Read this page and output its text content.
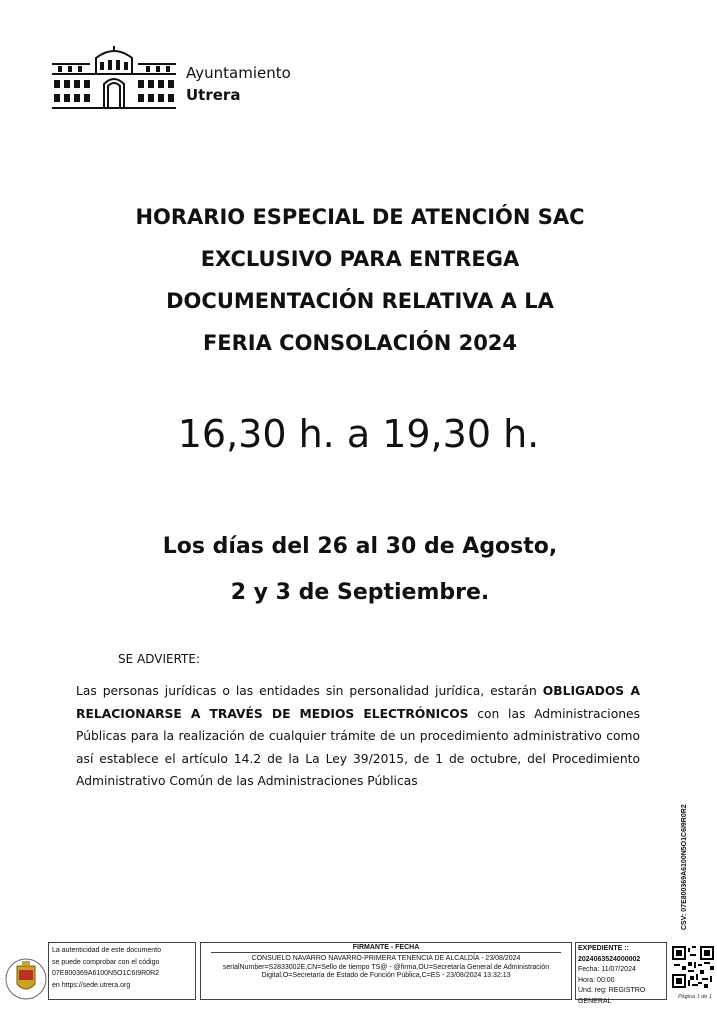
Ayuntamiento
Utrera
HORARIO ESPECIAL DE ATENCIÓN SAC
EXCLUSIVO PARA ENTREGA
DOCUMENTACIÓN RELATIVA A LA
FERIA CONSOLACIÓN 2024
16,30 h. a 19,30 h.
Los días del 26 al 30 de Agosto,
2 y 3 de Septiembre.
SE ADVIERTE:
Las personas jurídicas o las entidades sin personalidad jurídica, estarán OBLIGADOS A RELACIONARSE A TRAVÉS DE MEDIOS ELECTRÓNICOS con las Administraciones Públicas para la realización de cualquier trámite de un procedimiento administrativo como así establece el artículo 14.2 de la La Ley 39/2015, de 1 de octubre, del Procedimiento Administrativo Común de las Administraciones Públicas
CSV: 07E800369A6100N5O1C6I9R0R2
La autenticidad de este documento
se puede comprobar con el código
07E800369A6100N5O1C6I9R0R2
en https://sede.utrera.org
FIRMANTE - FECHA
CONSUELO NAVARRO NAVARRO-PRIMERA TENENCIA DE ALCALDÍA - 23/08/2024
serialNumber=S2833002E,CN=Sello de tiempo TS@ - @firma,OU=Secretaría General de Administración
Digital,O=Secretaría de Estado de Función Pública,C=ES - 23/08/2024 13:32:13
EXPEDIENTE ::
2024063524000002
Fecha: 11/07/2024
Hora: 00:00
Und. reg: REGISTRO GENERAL
Página 1 de 1
